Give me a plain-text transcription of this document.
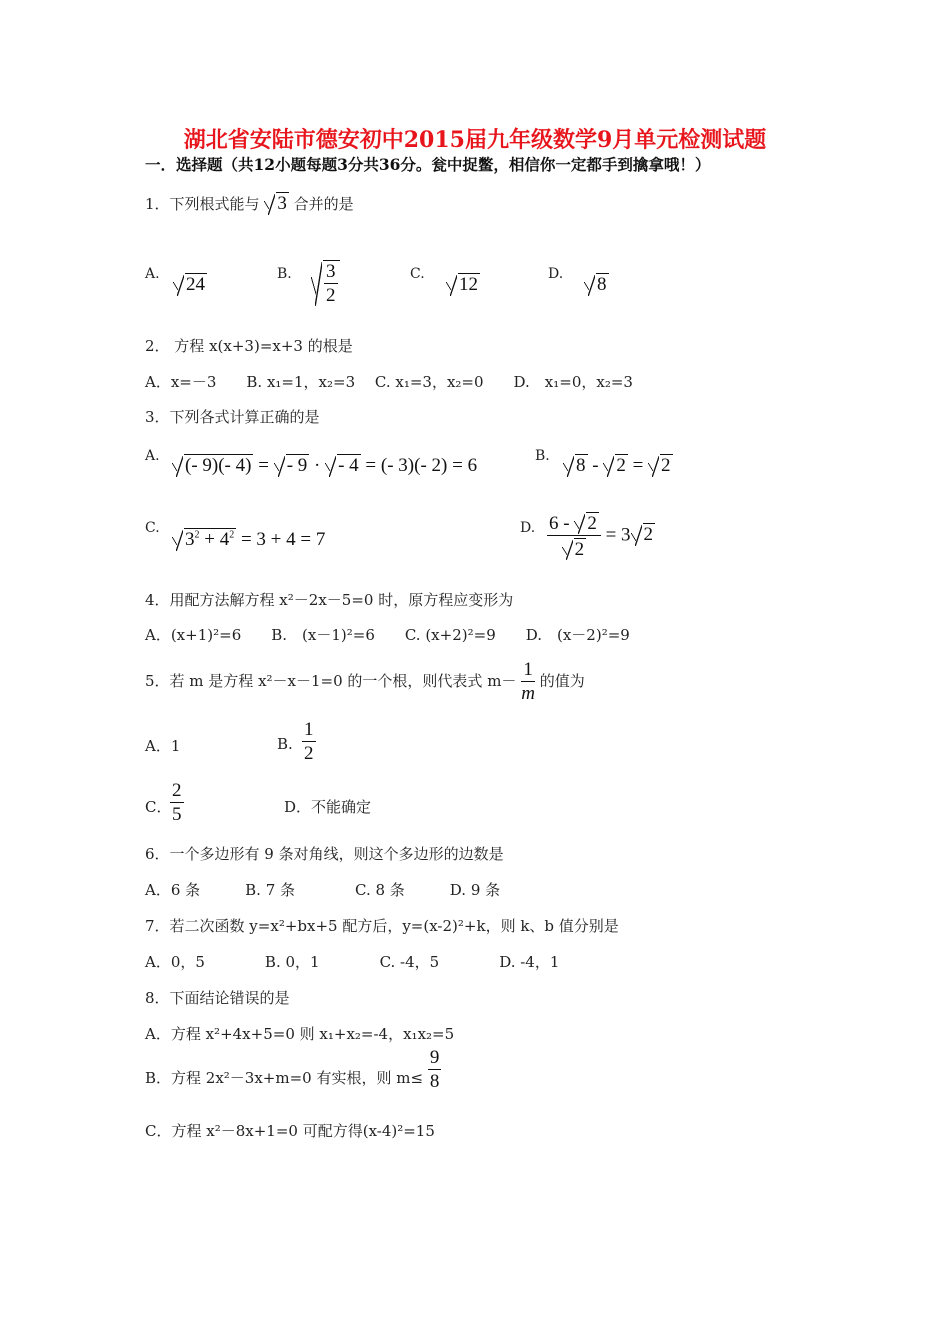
湖北省安陆市德安初中2015届九年级数学9月单元检测试题
一．选择题（共12小题每题3分共36分。瓮中捉鳖，相信你一定都手到擒拿哦！）
1．下列根式能与 3 合并的是
A.	24	B. $\frac{3}{2}$	C.	12	D.	8
2． 方程 x(x+3)=x+3 的根是
A．x=－3　　B. x₁=1，x₂=3　 C. x₁=3，x₂=0　　D.　x₁=0，x₂=3
3．下列各式计算正确的是
A.	(- 9)(- 4) = - 9 · - 4 = (- 3)(- 2) = 6	B.	8 - 2 = 2
C.
$3^2 + 4^2 = 3 + 4 = 7$
D. $\frac{6 - 2}{2} = 3$ 2
4．用配方法解方程 x²－2x－5=0 时，原方程应变形为
A．(x+1)²=6　　B.　(x－1)²=6　　C. (x+2)²=9　　D.　(x－2)²=9
5．若 m 是方程 x²－x－1=0 的一个根，则代表式 $m- \frac{1}{m}$ 的值为
A．1	B. $\frac{1}{2}$
C．
$\frac{2}{5}$	D．不能确定
6．一个多边形有 9 条对角线，则这个多边形的边数是
A．6 条　　　B. 7 条　　　　C. 8 条　　　D. 9 条
7．若二次函数 y=x²+bx+5 配方后，y=(x-2)²+k，则 k、b 值分别是
A．0，5　　　　B. 0，1　　　　C. -4，5　　　　D. -4，1
8．下面结论错误的是
A．方程 x²+4x+5=0 则 x₁+x₂=-4，x₁x₂=5
B．方程 2x²－3x+m=0 有实根，则 $m\le \frac{9}{8}$
C．方程 x²－8x+1=0 可配方得(x-4)²=15
